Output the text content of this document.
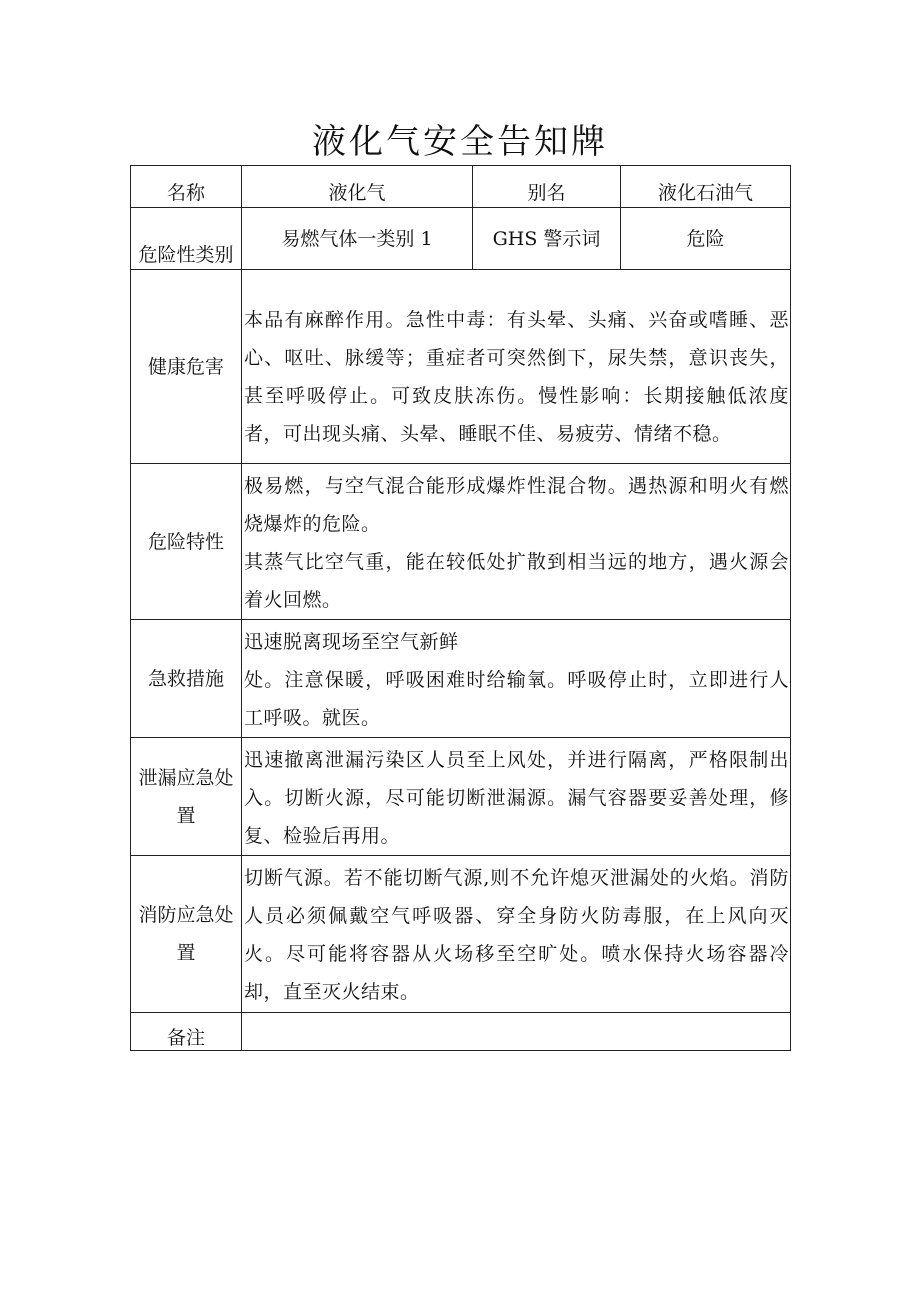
液化气安全告知牌
名称	液化气	别名	液化石油气
危险性类别	易燃气体一类别 1	GHS 警示词	危险
健康危害	本品有麻醉作用。急性中毒：有头晕、头痛、兴奋或嗜睡、恶心、呕吐、脉缓等；重症者可突然倒下，尿失禁，意识丧失，甚至呼吸停止。可致皮肤冻伤。慢性影响：长期接触低浓度者，可出现头痛、头晕、睡眠不佳、易疲劳、情绪不稳。		
危险特性	极易燃，与空气混合能形成爆炸性混合物。遇热源和明火有燃烧爆炸的危险。

其蒸气比空气重，能在较低处扩散到相当远的地方，遇火源会着火回燃。		

急救措施	迅速脱离现场至空气新鲜

处。注意保暖，呼吸困难时给输氧。呼吸停止时，立即进行人工呼吸。就医。		

泄漏应急处置	迅速撤离泄漏污染区人员至上风处，并进行隔离，严格限制出入。切断火源，尽可能切断泄漏源。漏气容器要妥善处理，修复、检验后再用。		
消防应急处置	切断气源。若不能切断气源,则不允许熄灭泄漏处的火焰。消防人员必须佩戴空气呼吸器、穿全身防火防毒服，在上风向灭火。尽可能将容器从火场移至空旷处。喷水保持火场容器冷却，直至灭火结束。		
备注			
